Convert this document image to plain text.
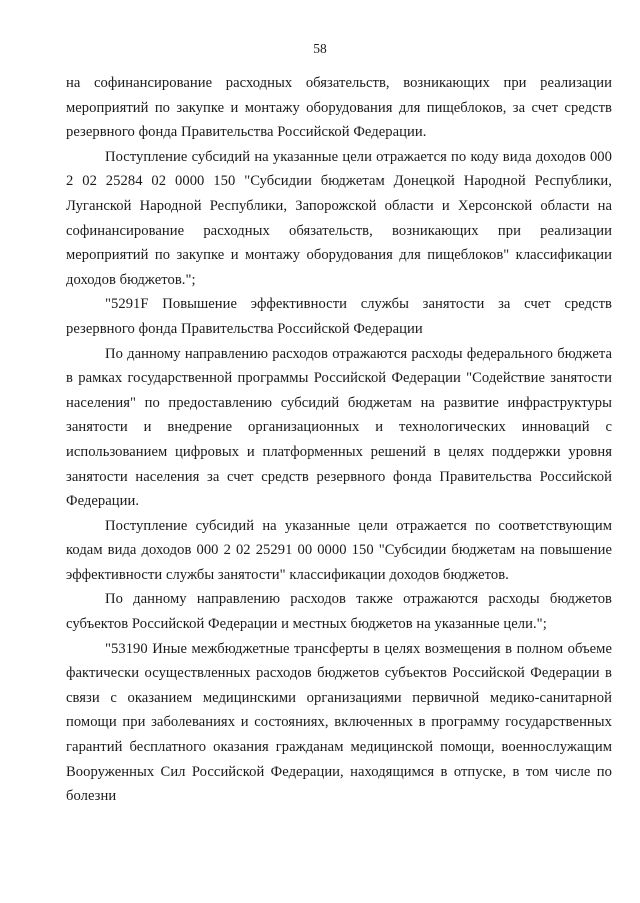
58

на софинансирование расходных обязательств, возникающих при реализации мероприятий по закупке и монтажу оборудования для пищеблоков, за счет средств резервного фонда Правительства Российской Федерации.

Поступление субсидий на указанные цели отражается по коду вида доходов 000 2 02 25284 02 0000 150 "Субсидии бюджетам Донецкой Народной Республики, Луганской Народной Республики, Запорожской области и Херсонской области на софинансирование расходных обязательств, возникающих при реализации мероприятий по закупке и монтажу оборудования для пищеблоков" классификации доходов бюджетов.";

"5291F Повышение эффективности службы занятости за счет средств резервного фонда Правительства Российской Федерации

По данному направлению расходов отражаются расходы федерального бюджета в рамках государственной программы Российской Федерации "Содействие занятости населения" по предоставлению субсидий бюджетам на развитие инфраструктуры занятости и внедрение организационных и технологических инноваций с использованием цифровых и платформенных решений в целях поддержки уровня занятости населения за счет средств резервного фонда Правительства Российской Федерации.

Поступление субсидий на указанные цели отражается по соответствующим кодам вида доходов 000 2 02 25291 00 0000 150 "Субсидии бюджетам на повышение эффективности службы занятости" классификации доходов бюджетов.

По данному направлению расходов также отражаются расходы бюджетов субъектов Российской Федерации и местных бюджетов на указанные цели.";

"53190 Иные межбюджетные трансферты в целях возмещения в полном объеме фактически осуществленных расходов бюджетов субъектов Российской Федерации в связи с оказанием медицинскими организациями первичной медико-санитарной помощи при заболеваниях и состояниях, включенных в программу государственных гарантий бесплатного оказания гражданам медицинской помощи, военнослужащим Вооруженных Сил Российской Федерации, находящимся в отпуске, в том числе по болезни
